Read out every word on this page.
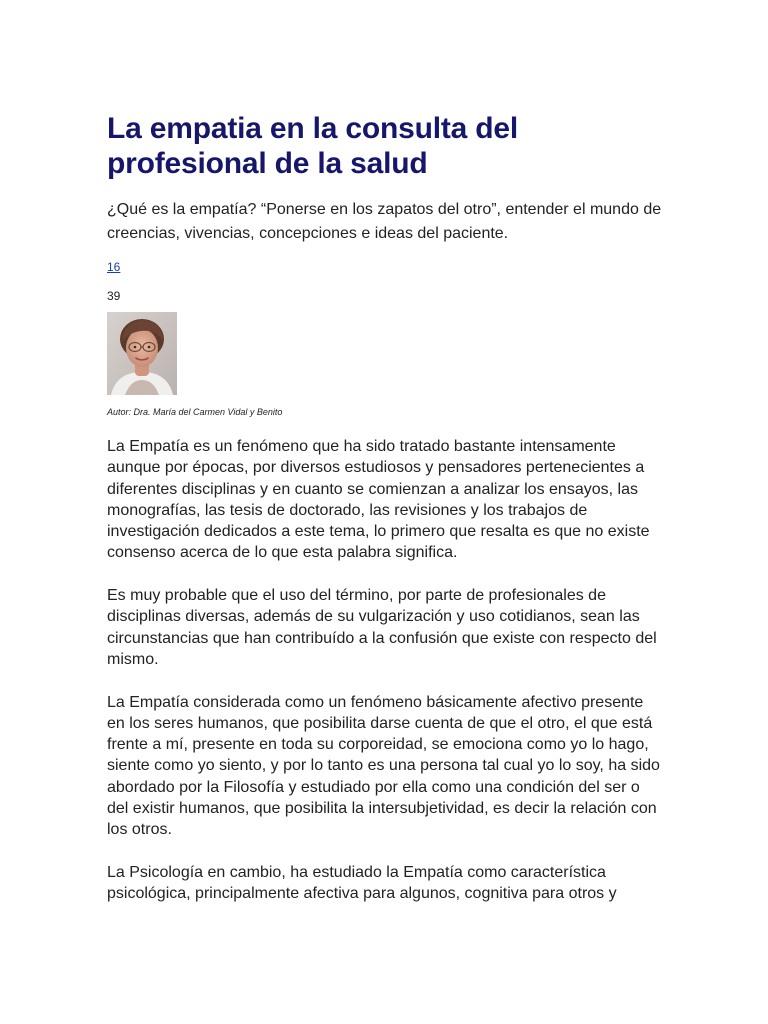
La empatia en la consulta del profesional de la salud

¿Qué es la empatía? “Ponerse en los zapatos del otro”, entender el mundo de creencias, vivencias, concepciones e ideas del paciente.

16
39
Autor: Dra. María del Carmen Vidal y Benito

La Empatía es un fenómeno que ha sido tratado bastante intensamente aunque por épocas, por diversos estudiosos y pensadores pertenecientes a diferentes disciplinas y en cuanto se comienzan a analizar los ensayos, las monografías, las tesis de doctorado, las revisiones y los trabajos de investigación dedicados a este tema, lo primero que resalta es que no existe consenso acerca de lo que esta palabra significa.

Es muy probable que el uso del término, por parte de profesionales de disciplinas diversas, además de su vulgarización y uso cotidianos, sean las circunstancias que han contribuído a la confusión que existe con respecto del mismo.

La Empatía considerada como un fenómeno básicamente afectivo presente en los seres humanos, que posibilita darse cuenta de que el otro, el que está frente a mí, presente en toda su corporeidad, se emociona como yo lo hago, siente como yo siento, y por lo tanto es una persona tal cual yo lo soy, ha sido abordado por la Filosofía y estudiado por ella como una condición del ser o del existir humanos, que posibilita la intersubjetividad, es decir la relación con los otros.

La Psicología en cambio, ha estudiado la Empatía como característica psicológica, principalmente afectiva para algunos, cognitiva para otros y
